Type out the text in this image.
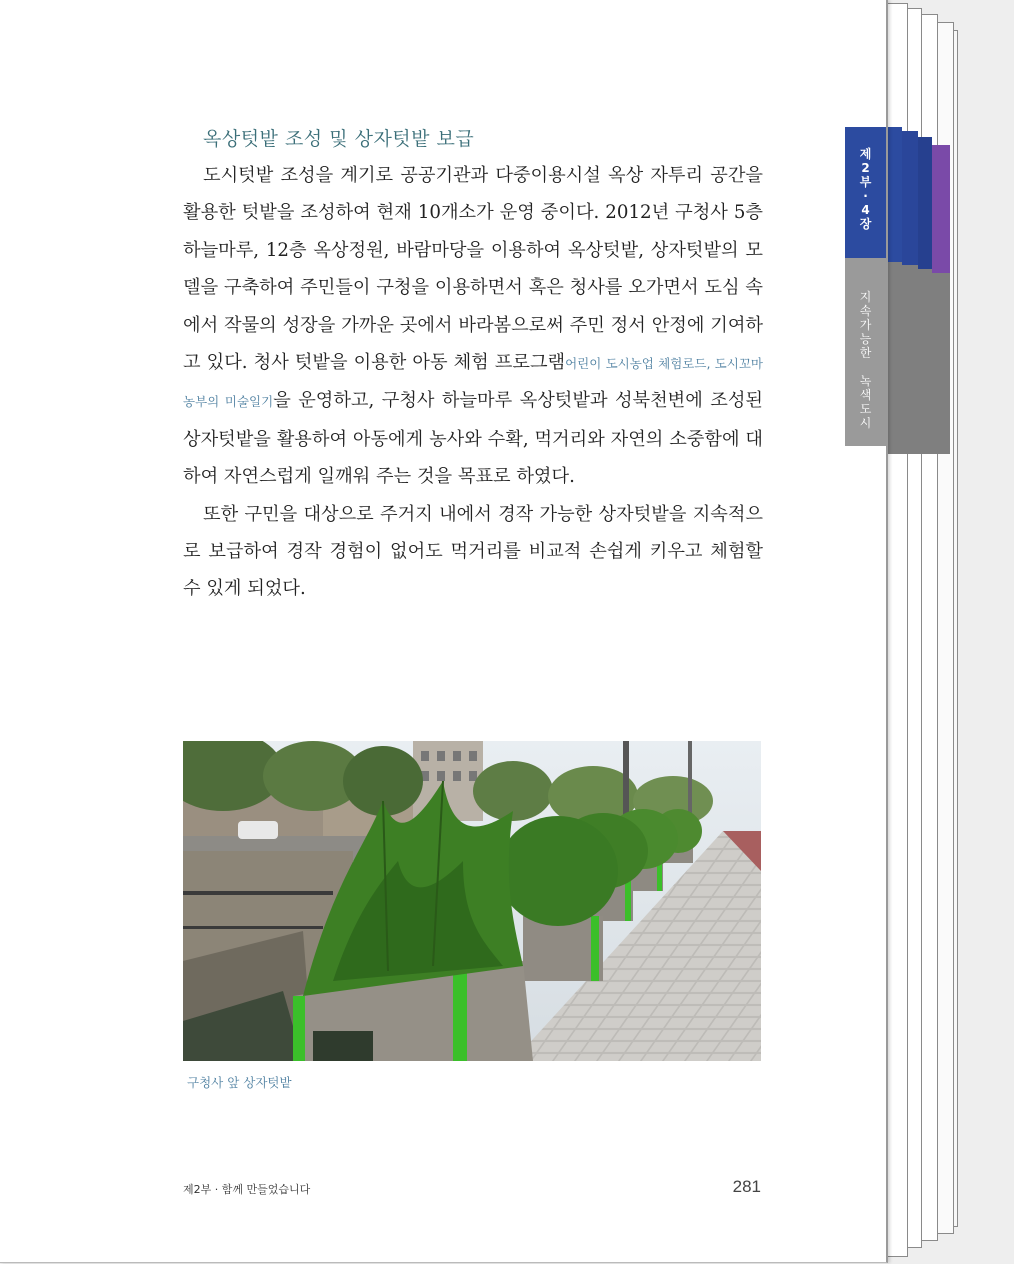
제
2
부
·
4
장
지
속
가
능
한

녹
색
도
시
옥상텃밭 조성 및 상자텃밭 보급

도시텃밭 조성을 계기로 공공기관과 다중이용시설 옥상 자투리 공간을 활용한 텃밭을 조성하여 현재 10개소가 운영 중이다. 2012년 구청사 5층 하늘마루, 12층 옥상정원, 바람마당을 이용하여 옥상텃밭, 상자텃밭의 모델을 구축하여 주민들이 구청을 이용하면서 혹은 청사를 오가면서 도심 속에서 작물의 성장을 가까운 곳에서 바라봄으로써 주민 정서 안정에 기여하고 있다. 청사 텃밭을 이용한 아동 체험 프로그램어린이 도시농업 체험로드, 도시꼬마농부의 미술일기을 운영하고, 구청사 하늘마루 옥상텃밭과 성북천변에 조성된 상자텃밭을 활용하여 아동에게 농사와 수확, 먹거리와 자연의 소중함에 대하여 자연스럽게 일깨워 주는 것을 목표로 하였다.

또한 구민을 대상으로 주거지 내에서 경작 가능한 상자텃밭을 지속적으로 보급하여 경작 경험이 없어도 먹거리를 비교적 손쉽게 키우고 체험할 수 있게 되었다.

구청사 앞 상자텃밭
제2부 · 함께 만들었습니다	281
